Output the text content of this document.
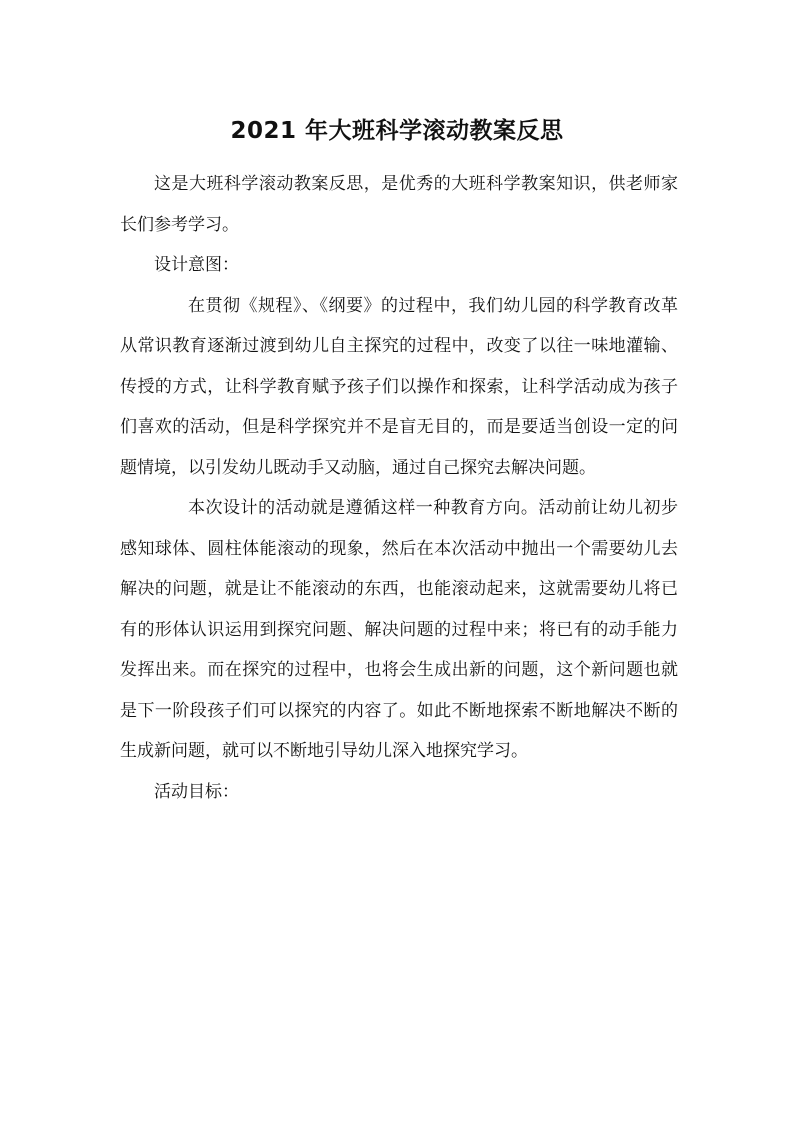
2021 年大班科学滚动教案反思

这是大班科学滚动教案反思，是优秀的大班科学教案知识，供老师家长们参考学习。

设计意图：

在贯彻《规程》、《纲要》的过程中，我们幼儿园的科学教育改革从常识教育逐渐过渡到幼儿自主探究的过程中，改变了以往一味地灌输、传授的方式，让科学教育赋予孩子们以操作和探索，让科学活动成为孩子们喜欢的活动，但是科学探究并不是盲无目的，而是要适当创设一定的问题情境，以引发幼儿既动手又动脑，通过自己探究去解决问题。

本次设计的活动就是遵循这样一种教育方向。活动前让幼儿初步感知球体、圆柱体能滚动的现象，然后在本次活动中抛出一个需要幼儿去解决的问题，就是让不能滚动的东西，也能滚动起来，这就需要幼儿将已有的形体认识运用到探究问题、解决问题的过程中来；将已有的动手能力发挥出来。而在探究的过程中，也将会生成出新的问题，这个新问题也就是下一阶段孩子们可以探究的内容了。如此不断地探索不断地解决不断的生成新问题，就可以不断地引导幼儿深入地探究学习。

活动目标：
